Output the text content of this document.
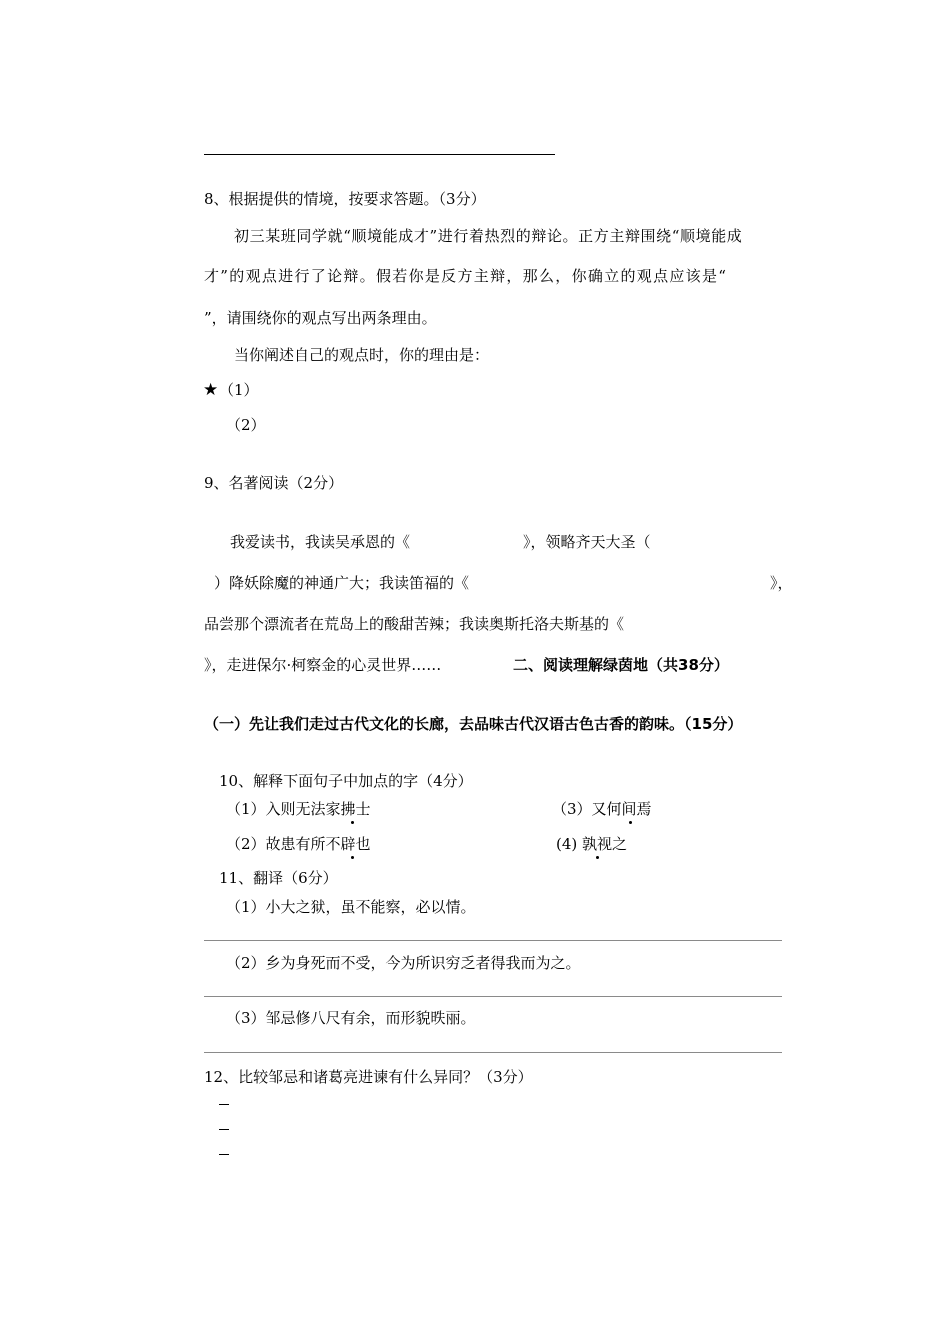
8、根据提供的情境，按要求答题。（3分）
初三某班同学就“顺境能成才”进行着热烈的辩论。正方主辩围绕“顺境能成
才”的观点进行了论辩。假若你是反方主辩，那么，你确立的观点应该是“
”，请围绕你的观点写出两条理由。
当你阐述自己的观点时，你的理由是：
★ （1）
（2）
9、名著阅读（2分）
我爱读书，我读吴承恩的《	》，领略齐天大圣（
）降妖除魔的神通广大；我读笛福的《	》，
品尝那个漂流者在荒岛上的酸甜苦辣；我读奥斯托洛夫斯基的《
》，走进保尔·柯察金的心灵世界……	二、阅读理解绿茵地（共38分）
（一）先让我们走过古代文化的长廊，去品味古代汉语古色古香的韵味。（15分）
10、解释下面句子中加点的字（4分）
（1）入则无法家拂士	（3）又何间焉
（2）故患有所不辟也	(4) 孰视之
11、翻译（6分）
（1）小大之狱，虽不能察，必以情。
（2）乡为身死而不受，今为所识穷乏者得我而为之。
（3）邹忌修八尺有余，而形貌昳丽。
12、比较邹忌和诸葛亮进谏有什么异同？（3分）
